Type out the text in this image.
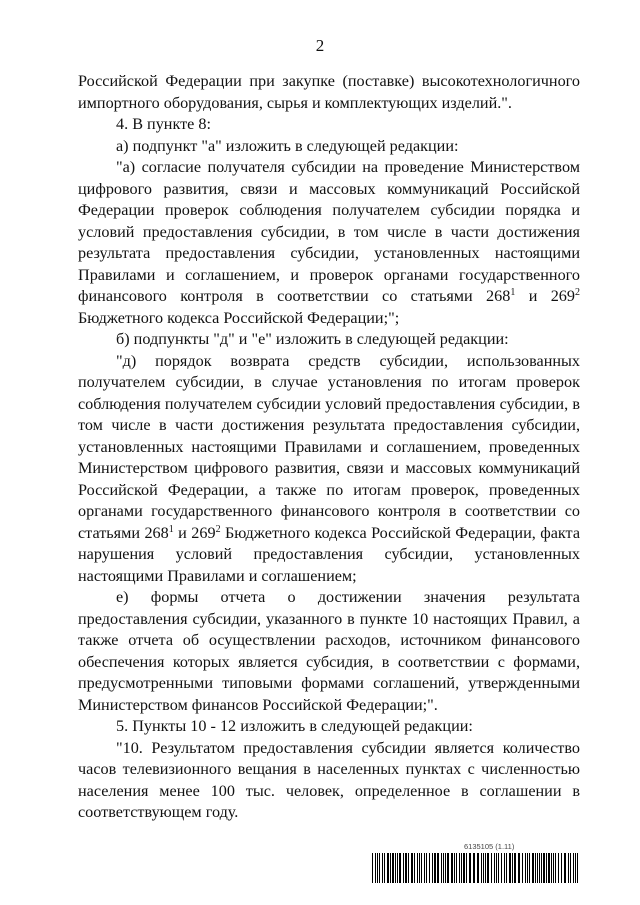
2

Российской Федерации при закупке (поставке) высокотехнологичного импортного оборудования, сырья и комплектующих изделий.".

4. В пункте 8:

а) подпункт "а" изложить в следующей редакции:

"а) согласие получателя субсидии на проведение Министерством цифрового развития, связи и массовых коммуникаций Российской Федерации проверок соблюдения получателем субсидии порядка и условий предоставления субсидии, в том числе в части достижения результата предоставления субсидии, установленных настоящими Правилами и соглашением, и проверок органами государственного финансового контроля в соответствии со статьями $268^1$ и $269^2$ Бюджетного кодекса Российской Федерации;";

б) подпункты "д" и "е" изложить в следующей редакции:

"д) порядок возврата средств субсидии, использованных получателем субсидии, в случае установления по итогам проверок соблюдения получателем субсидии условий предоставления субсидии, в том числе в части достижения результата предоставления субсидии, установленных настоящими Правилами и соглашением, проведенных Министерством цифрового развития, связи и массовых коммуникаций Российской Федерации, а также по итогам проверок, проведенных органами государственного финансового контроля в соответствии со статьями $268^1$ и $269^2$ Бюджетного кодекса Российской Федерации, факта нарушения условий предоставления субсидии, установленных настоящими Правилами и соглашением;

е) формы отчета о достижении значения результата предоставления субсидии, указанного в пункте 10 настоящих Правил, а также отчета об осуществлении расходов, источником финансового обеспечения которых является субсидия, в соответствии с формами, предусмотренными типовыми формами соглашений, утвержденными Министерством финансов Российской Федерации;".

5. Пункты 10 - 12 изложить в следующей редакции:

"10. Результатом предоставления субсидии является количество часов телевизионного вещания в населенных пунктах с численностью населения менее 100 тыс. человек, определенное в соглашении в соответствующем году.

6135105 (1.11)
